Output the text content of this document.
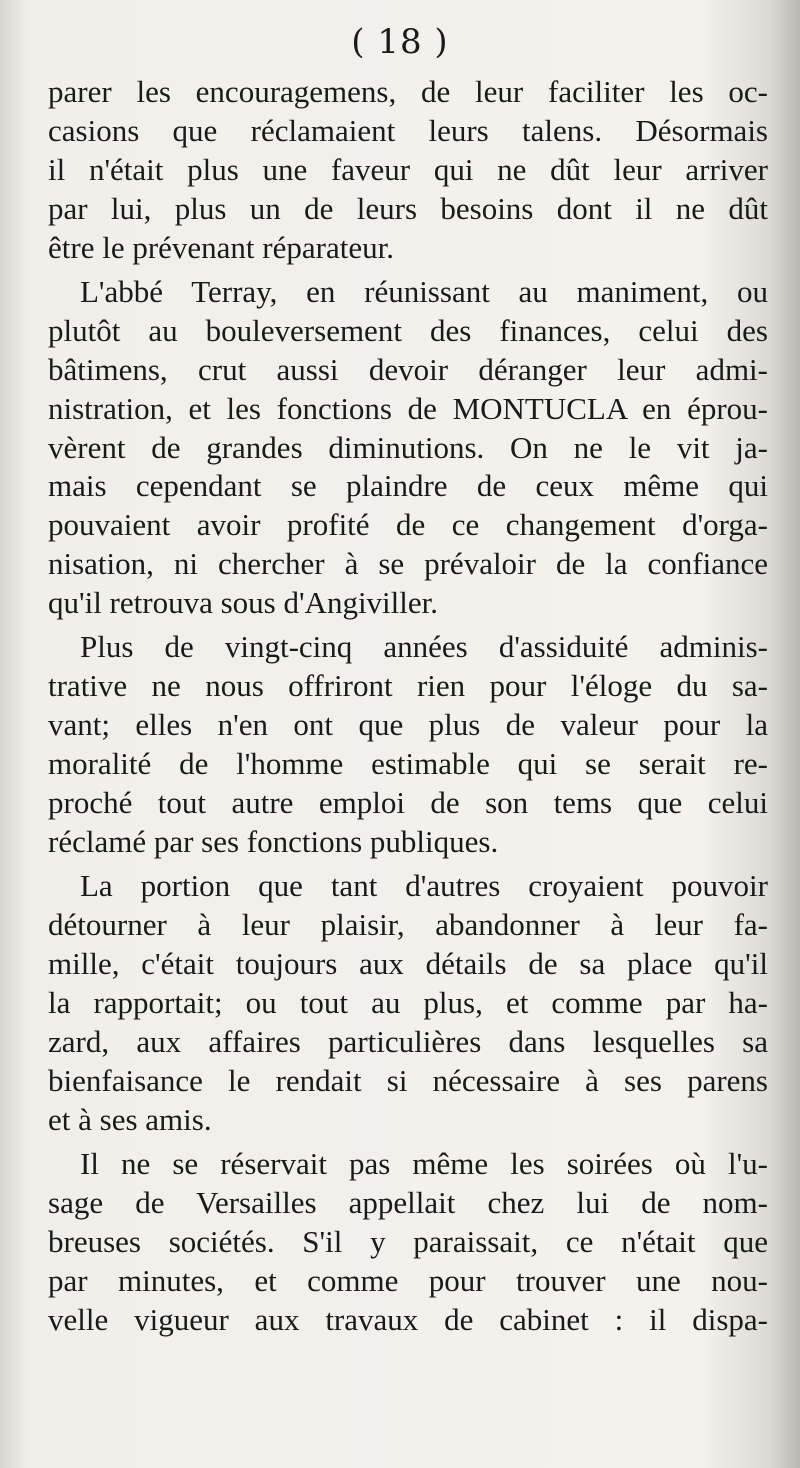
( 18 )
parer les encouragemens, de leur faciliter les oc-
casions que réclamaient leurs talens. Désormais
il n'était plus une faveur qui ne dût leur arriver
par lui, plus un de leurs besoins dont il ne dût
être le prévenant réparateur.
L'abbé Terray, en réunissant au maniment, ou
plutôt au bouleversement des finances, celui des
bâtimens, crut aussi devoir déranger leur admi-
nistration, et les fonctions de MONTUCLA en éprou-
vèrent de grandes diminutions. On ne le vit ja-
mais cependant se plaindre de ceux même qui
pouvaient avoir profité de ce changement d'orga-
nisation, ni chercher à se prévaloir de la confiance
qu'il retrouva sous d'Angiviller.
Plus de vingt-cinq années d'assiduité adminis-
trative ne nous offriront rien pour l'éloge du sa-
vant; elles n'en ont que plus de valeur pour la
moralité de l'homme estimable qui se serait re-
proché tout autre emploi de son tems que celui
réclamé par ses fonctions publiques.
La portion que tant d'autres croyaient pouvoir
détourner à leur plaisir, abandonner à leur fa-
mille, c'était toujours aux détails de sa place qu'il
la rapportait; ou tout au plus, et comme par ha-
zard, aux affaires particulières dans lesquelles sa
bienfaisance le rendait si nécessaire à ses parens
et à ses amis.
Il ne se réservait pas même les soirées où l'u-
sage de Versailles appellait chez lui de nom-
breuses sociétés. S'il y paraissait, ce n'était que
par minutes, et comme pour trouver une nou-
velle vigueur aux travaux de cabinet : il dispa-
